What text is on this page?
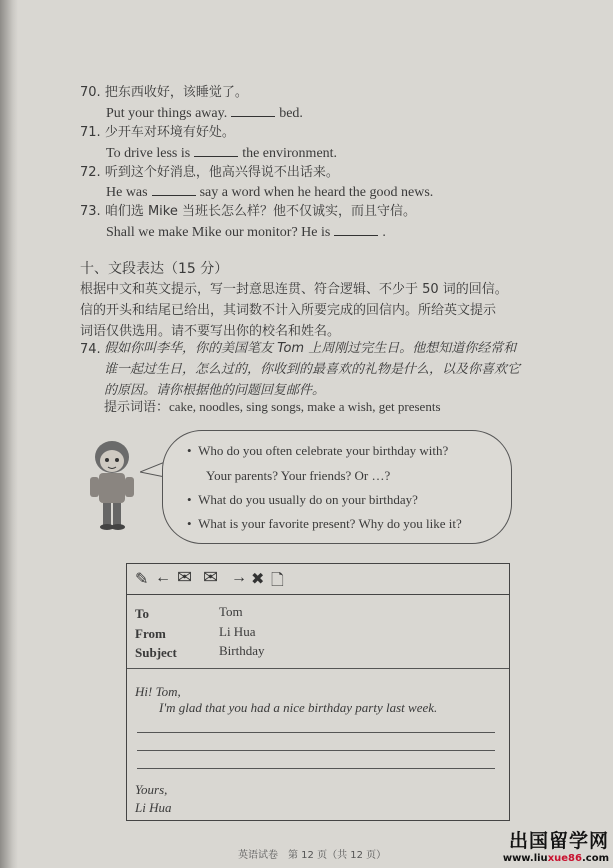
70. 把东西收好，该睡觉了。
Put your things away.	bed.
71. 少开车对环境有好处。
To drive less is	the environment.
72. 听到这个好消息，他高兴得说不出话来。
He was	say a word when he heard the good news.
73. 咱们选 Mike 当班长怎么样？他不仅诚实，而且守信。
Shall we make Mike our monitor? He is	.
十、文段表达（15 分）
根据中文和英文提示，写一封意思连贯、符合逻辑、不少于 50 词的回信。
信的开头和结尾已给出，其词数不计入所要完成的回信内。所给英文提示
词语仅供选用。请不要写出你的校名和姓名。
74. 假如你叫李华，你的美国笔友 Tom 上周刚过完生日。他想知道你经常和
谁一起过生日，怎么过的，你收到的最喜欢的礼物是什么，以及你喜欢它
的原因。请你根据他的问题回复邮件。
提示词语：cake, noodles, sing songs, make a wish, get presents
•  Who do you often celebrate your birthday with?
Your parents? Your friends? Or …?
•  What do you usually do on your birthday?
•  What is your favorite present? Why do you like it?
✎ ← ✉ ✉ → ✖ 🗋
To	Tom
From	Li Hua
Subject	Birthday
Hi! Tom,
I'm glad that you had a nice birthday party last week.
Yours,
Li Hua
英语试卷　第 12 页（共 12 页）
出国留学网
www.liuxue86.com
